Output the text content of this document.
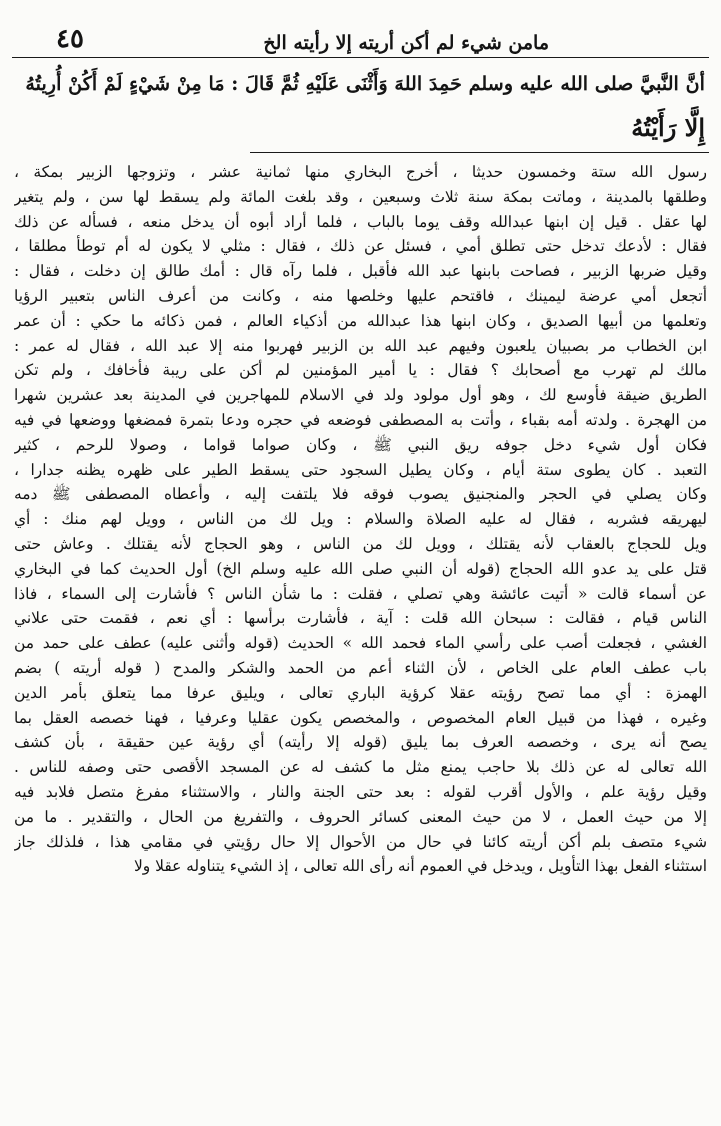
مامن شيء لم أكن أريته إلا رأيته الخ
٤٥
أنَّ النَّبيَّ صلى الله عليه وسلم حَمِدَ اللهَ وَأَثْنَى عَلَيْهِ ثُمَّ قَالَ : مَا مِنْ شَيْءٍ لَمْ أَكُنْ أُرِيتُهُ
إِلَّا رَأَيْتُهُ
رسول الله ستة وخمسون حديثا ، أخرج البخاري منها ثمانية عشر ، وتزوجها الزبير بمكة ،
وطلقها بالمدينة ، وماتت بمكة سنة ثلاث وسبعين ، وقد بلغت المائة ولم يسقط لها سن ، ولم يتغير
لها عقل . قيل إن ابنها عبدالله وقف يوما بالباب ، فلما أراد أبوه أن يدخل منعه ، فسأله عن ذلك
فقال : لأدعك تدخل حتى تطلق أمي ، فسئل عن ذلك ، فقال : مثلي لا يكون له أم توطأ مطلقا ،
وقيل ضربها الزبير ، فصاحت بابنها عبد الله فأقبل ، فلما رآه قال : أمك طالق إن دخلت ، فقال :
أتجعل أمي عرضة ليمينك ، فاقتحم عليها وخلصها منه ، وكانت من أعرف الناس بتعبير الرؤيا
وتعلمها من أبيها الصديق ، وكان ابنها هذا عبدالله من أذكياء العالم ، فمن ذكائه ما حكي : أن عمر
ابن الخطاب مر بصبيان يلعبون وفيهم عبد الله بن الزبير فهربوا منه إلا عبد الله ، فقال له عمر :
مالك لم تهرب مع أصحابك ؟ فقال : يا أمير المؤمنين لم أكن على ريبة فأخافك ، ولم تكن
الطريق ضيقة فأوسع لك ، وهو أول مولود ولد في الاسلام للمهاجرين في المدينة بعد عشرين شهرا
من الهجرة . ولدته أمه بقباء ، وأتت به المصطفى فوضعه في حجره ودعا بتمرة فمضغها ووضعها في فيه
فكان أول شيء دخل جوفه ريق النبي ﷺ ، وكان صواما قواما ، وصولا للرحم ، كثير
التعبد . كان يطوى ستة أيام ، وكان يطيل السجود حتى يسقط الطير على ظهره يظنه جدارا ،
وكان يصلي في الحجر والمنجنيق يصوب فوقه فلا يلتفت إليه ، وأعطاه المصطفى ﷺ دمه
ليهريقه فشربه ، فقال له عليه الصلاة والسلام : ويل لك من الناس ، وويل لهم منك : أي
ويل للحجاج بالعقاب لأنه يقتلك ، وويل لك من الناس ، وهو الحجاج لأنه يقتلك . وعاش حتى
قتل على يد عدو الله الحجاج (قوله أن النبي صلى الله عليه وسلم الخ) أول الحديث كما في البخاري
عن أسماء قالت « أتيت عائشة وهي تصلي ، فقلت : ما شأن الناس ؟ فأشارت إلى السماء ، فاذا
الناس قيام ، فقالت : سبحان الله قلت : آية ، فأشارت برأسها : أي نعم ، فقمت حتى علاني
الغشي ، فجعلت أصب على رأسي الماء فحمد الله » الحديث (قوله وأثنى عليه) عطف على حمد من
باب عطف العام على الخاص ، لأن الثناء أعم من الحمد والشكر والمدح ( قوله أريته ) بضم
الهمزة : أي مما تصح رؤيته عقلا كرؤية الباري تعالى ، ويليق عرفا مما يتعلق بأمر الدين
وغيره ، فهذا من قبيل العام المخصوص ، والمخصص يكون عقليا وعرفيا ، فهنا خصصه العقل بما
يصح أنه يرى ، وخصصه العرف بما يليق (قوله إلا رأيته) أي رؤية عين حقيقة ، بأن كشف
الله تعالى له عن ذلك بلا حاجب يمنع مثل ما كشف له عن المسجد الأقصى حتى وصفه للناس .
وقيل رؤية علم ، والأول أقرب لقوله : بعد حتى الجنة والنار ، والاستثناء مفرغ متصل فلابد فيه
إلا من حيث العمل ، لا من حيث المعنى كسائر الحروف ، والتفريغ من الحال ، والتقدير . ما من
شيء متصف بلم أكن أريته كائنا في حال من الأحوال إلا حال رؤيتي في مقامي هذا ، فلذلك جاز
استثناء الفعل بهذا التأويل ، ويدخل في العموم أنه رأى الله تعالى ، إذ الشيء يتناوله عقلا ولا
